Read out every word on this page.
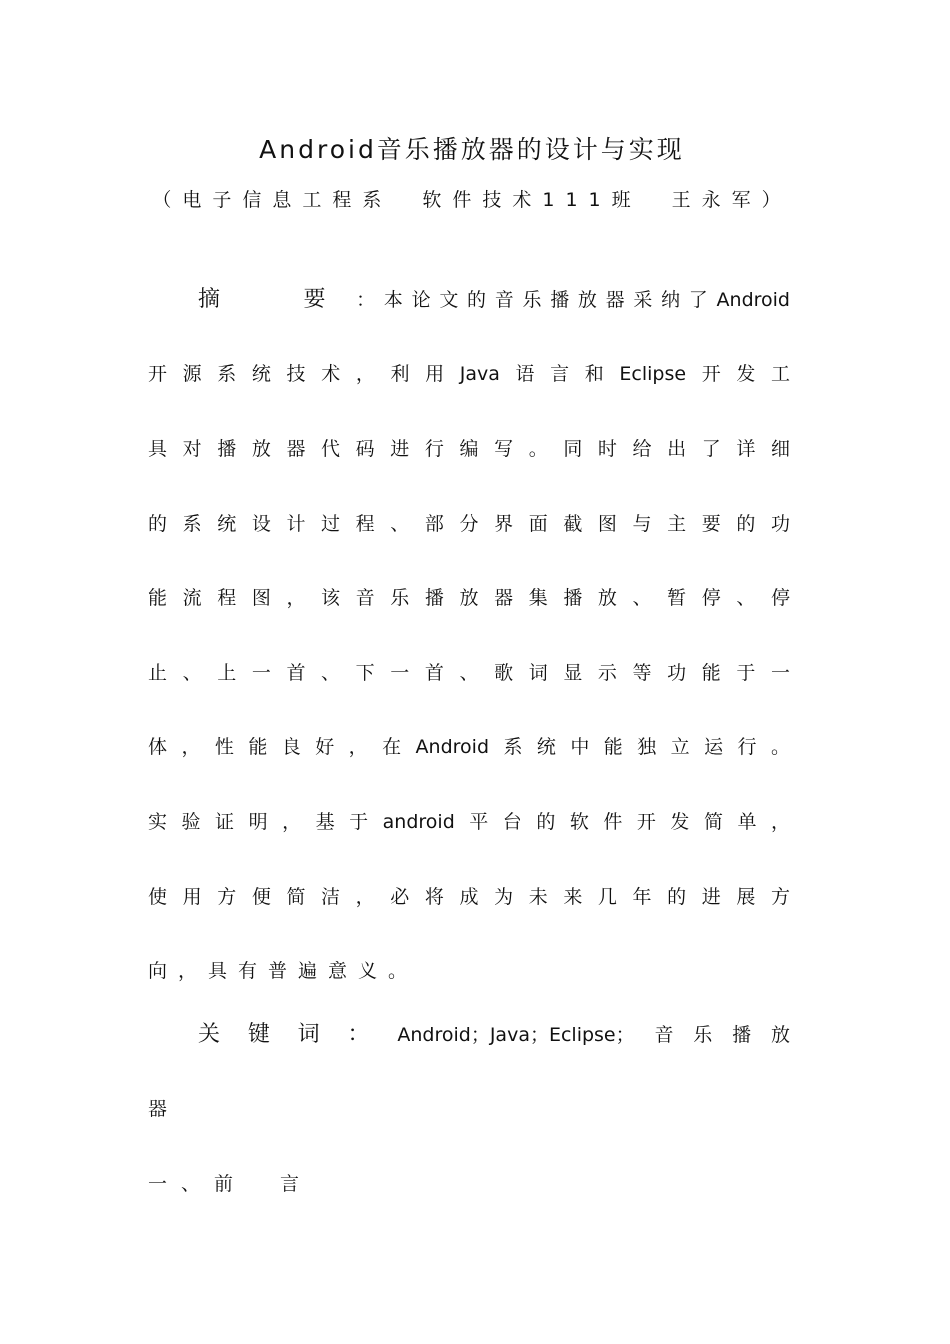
Android音乐播放器的设计与实现
（电子信息工程系　软件技术111班　王永军）
摘　要：本论文的音乐播放器采纳了Android
开源系统技术，利用Java语言和Eclipse开发工
具对播放器代码进行编写。同时给出了详细
的系统设计过程、部分界面截图与主要的功
能流程图，该音乐播放器集播放、暂停、停
止、上一首、下一首、歌词显示等功能于一
体，性能良好，在Android系统中能独立运行。
实验证明，基于android平台的软件开发简单，
使用方便简洁，必将成为未来几年的进展方
向，具有普遍意义。
关键词：Android；Java；Eclipse；音乐播放
器
一、前　言
